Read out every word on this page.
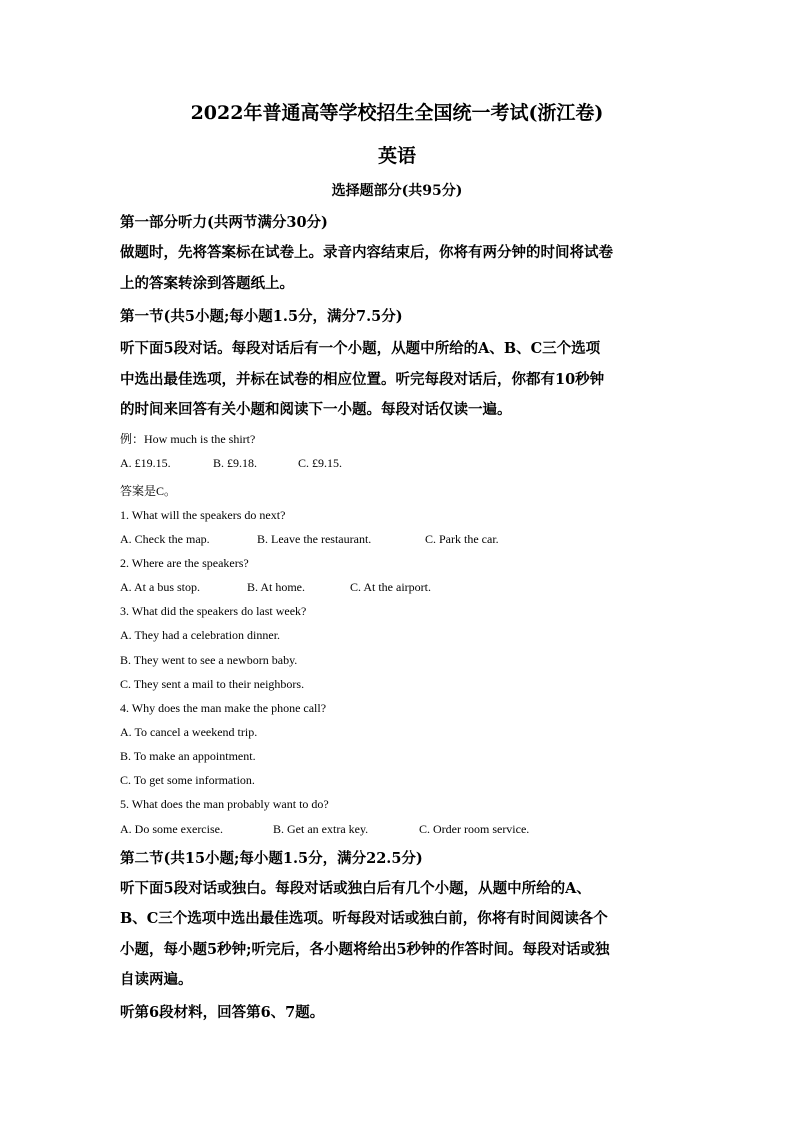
2022年普通高等学校招生全国统一考试(浙江卷)
英语
选择题部分(共95分)
第一部分听力(共两节满分30分)
做题时，先将答案标在试卷上。录音内容结束后，你将有两分钟的时间将试卷
上的答案转涂到答题纸上。
第一节(共5小题;每小题1.5分，满分7.5分)
听下面5段对话。每段对话后有一个小题，从题中所给的A、B、C三个选项
中选出最佳选项，并标在试卷的相应位置。听完每段对话后，你都有10秒钟
的时间来回答有关小题和阅读下一小题。每段对话仅读一遍。
例：How much is the shirt?
A. £19.15.	B. £9.18.	C. £9.15.
答案是C。
1. What will the speakers do next?
A. Check the map.	B. Leave the restaurant.	C. Park the car.
2. Where are the speakers?
A. At a bus stop.	B. At home.	C. At the airport.
3. What did the speakers do last week?
A. They had a celebration dinner.
B. They went to see a newborn baby.
C. They sent a mail to their neighbors.
4. Why does the man make the phone call?
A. To cancel a weekend trip.
B. To make an appointment.
C. To get some information.
5. What does the man probably want to do?
A. Do some exercise.	B. Get an extra key.	C. Order room service.
第二节(共15小题;每小题1.5分，满分22.5分)
听下面5段对话或独白。每段对话或独白后有几个小题，从题中所给的A、
B、C三个选项中选出最佳选项。听每段对话或独白前，你将有时间阅读各个
小题，每小题5秒钟;听完后，各小题将给出5秒钟的作答时间。每段对话或独
自读两遍。
听第6段材料，回答第6、7题。
